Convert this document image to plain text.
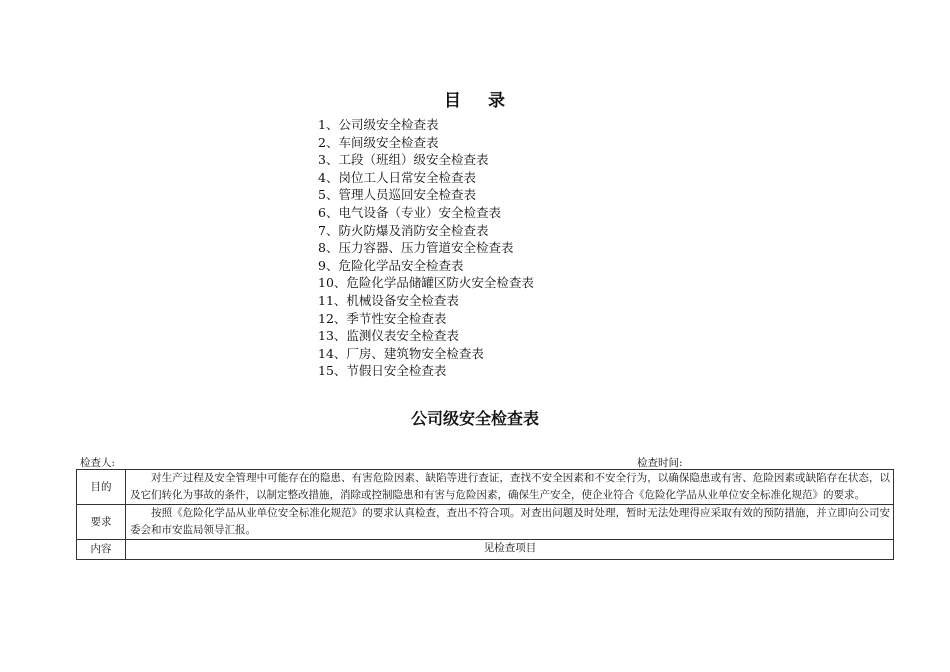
目 录
1、公司级安全检查表
2、车间级安全检查表
3、工段（班组）级安全检查表
4、岗位工人日常安全检查表
5、管理人员巡回安全检查表
6、电气设备（专业）安全检查表
7、防火防爆及消防安全检查表
8、压力容器、压力管道安全检查表
9、危险化学品安全检查表
10、危险化学品储罐区防火安全检查表
11、机械设备安全检查表
12、季节性安全检查表
13、监测仪表安全检查表
14、厂房、建筑物安全检查表
15、节假日安全检查表
公司级安全检查表
检查人:	检查时间:
目的	对生产过程及安全管理中可能存在的隐患、有害危险因素、缺陷等进行查证，查找不安全因素和不安全行为，以确保隐患或有害、危险因素或缺陷存在状态，以及它们转化为事故的条件，以制定整改措施，消除或控制隐患和有害与危险因素，确保生产安全，使企业符合《危险化学品从业单位安全标准化规范》的要求。
要求	按照《危险化学品从业单位安全标准化规范》的要求认真检查，查出不符合项。对查出问题及时处理，暂时无法处理得应采取有效的预防措施，并立即向公司安委会和市安监局领导汇报。
内容	见检查项目
